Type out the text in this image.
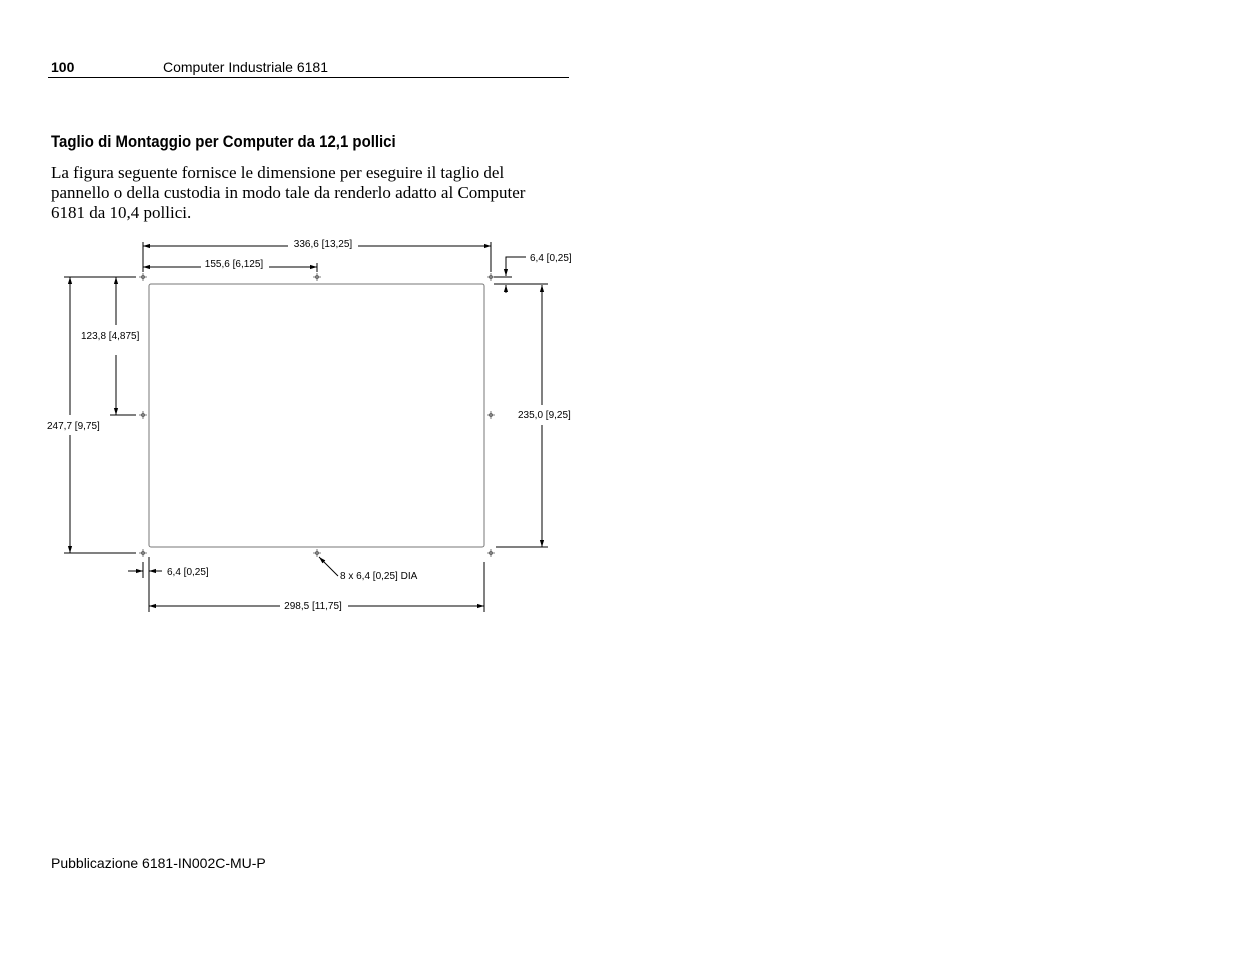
100	Computer Industriale 6181
Taglio di Montaggio per Computer da 12,1 pollici
La figura seguente fornisce le dimensione per eseguire il taglio del
pannello o della custodia in modo tale da renderlo adatto al Computer
6181 da 10,4 pollici.
336,6 [13,25]
155,6 [6,125]
6,4 [0,25]
123,8 [4,875]
247,7 [9,75]
235,0 [9,25]
6,4 [0,25]	8 x 6,4 [0,25] DIA
298,5 [11,75]
Pubblicazione 6181-IN002C-MU-P
